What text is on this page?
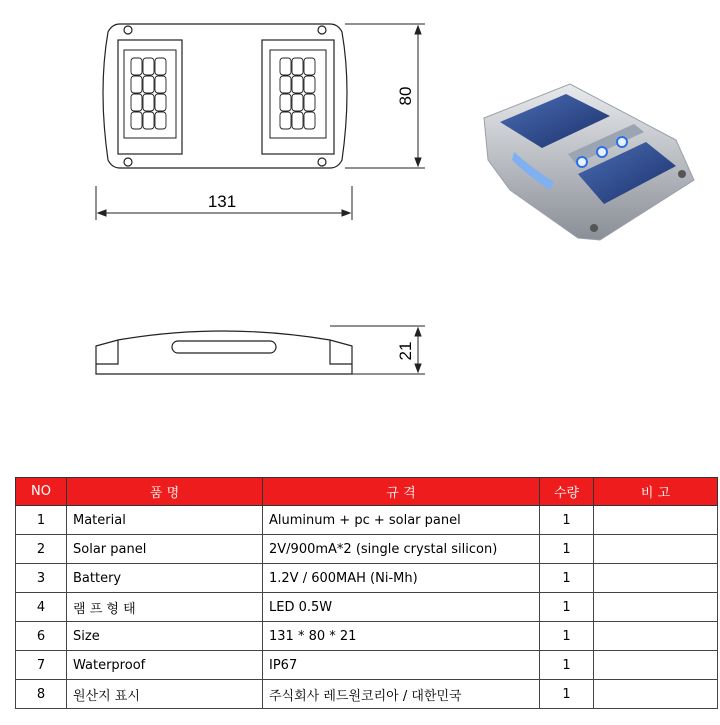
131
80
21
NO	품 명	규 격	수량	비 고
1	Material	Aluminum + pc + solar panel	1	
2	Solar panel	2V/900mA*2 (single crystal silicon)	1	
3	Battery	1.2V / 600MAH (Ni-Mh)	1	
4	램 프 형 태	LED 0.5W	1	
6	Size	131 * 80 * 21	1	
7	Waterproof	IP67	1	
8	원산지 표시	주식회사 레드원코리아 / 대한민국	1	
